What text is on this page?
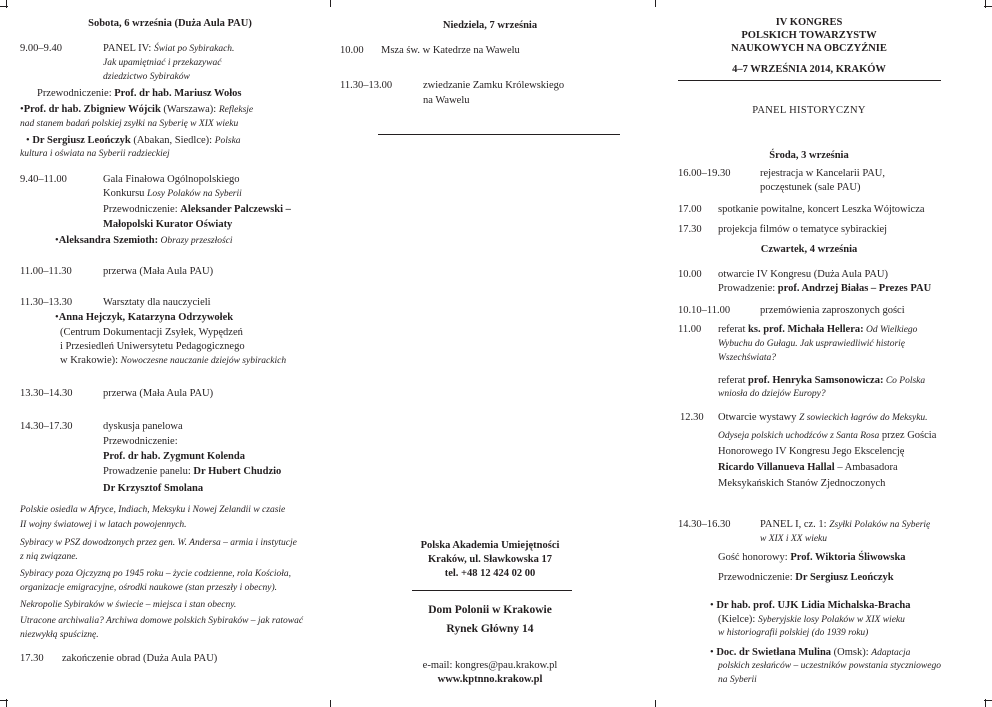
Sobota, 6 września (Duża Aula PAU)
9.00–9.40	PANEL IV: Świat po Sybirakach.
Jak upamiętniać i przekazywać
dziedzictwo Sybiraków
Przewodniczenie: Prof. dr hab. Mariusz Wołos
•Prof. dr hab. Zbigniew Wójcik (Warszawa): Refleksje
nad stanem badań polskiej zsyłki na Syberię w XIX wieku
• Dr Sergiusz Leończyk (Abakan, Siedlce): Polska
kultura i oświata na Syberii radzieckiej
9.40–11.00	Gala Finałowa Ogólnopolskiego
Konkursu Losy Polaków na Syberii
Przewodniczenie: Aleksander Palczewski –
Małopolski Kurator Oświaty
•Aleksandra Szemioth: Obrazy przeszłości
11.00–11.30	przerwa (Mała Aula PAU)
11.30–13.30	Warsztaty dla nauczycieli
•Anna Hejczyk, Katarzyna Odrzywołek
(Centrum Dokumentacji Zsyłek, Wypędzeń
i Przesiedleń Uniwersytetu Pedagogicznego
w Krakowie): Nowoczesne nauczanie dziejów sybirackich
13.30–14.30	przerwa (Mała Aula PAU)
14.30–17.30	dyskusja panelowa
Przewodniczenie:
Prof. dr hab. Zygmunt Kolenda
Prowadzenie panelu: Dr Hubert Chudzio
Dr Krzysztof Smolana
Polskie osiedla w Afryce, Indiach, Meksyku i Nowej Zelandii w czasie
II wojny światowej i w latach powojennych.
Sybiracy w PSZ dowodzonych przez gen. W. Andersa – armia i instytucje
z nią związane.
Sybiracy poza Ojczyzną po 1945 roku – życie codzienne, rola Kościoła,
organizacje emigracyjne, ośrodki naukowe (stan przeszły i obecny).
Nekropolie Sybiraków w świecie – miejsca i stan obecny.
Utracone archiwalia? Archiwa domowe polskich Sybiraków – jak ratować
niezwykłą spuściznę.
17.30 zakończenie obrad (Duża Aula PAU)
Niedziela, 7 września
10.00 Msza św. w Katedrze na Wawelu
11.30–13.00	zwiedzanie Zamku Królewskiego
na Wawelu
Polska Akademia Umiejętności
Kraków, ul. Sławkowska 17
tel. +48 12 424 02 00
Dom Polonii w Krakowie
Rynek Główny 14
e-mail: kongres@pau.krakow.pl
www.kptnno.krakow.pl
IV KONGRES
POLSKICH TOWARZYSTW
NAUKOWYCH NA OBCZYŹNIE
4–7 WRZEŚNIA 2014, KRAKÓW
PANEL HISTORYCZNY
Środa, 3 września
16.00–19.30	rejestracja w Kancelarii PAU,
poczęstunek (sale PAU)
17.00 spotkanie powitalne, koncert Leszka Wójtowicza
17.30 projekcja filmów o tematyce sybirackiej
Czwartek, 4 września
10.00 otwarcie IV Kongresu (Duża Aula PAU)
Prowadzenie: prof. Andrzej Białas – Prezes PAU
10.10–11.00	przemówienia zaproszonych gości
11.00 referat ks. prof. Michała Hellera: Od Wielkiego
Wybuchu do Gułagu. Jak usprawiedliwić historię
Wszechświata?
referat prof. Henryka Samsonowicza: Co Polska
wniosła do dziejów Europy?
12.30 Otwarcie wystawy Z sowieckich łagrów do Meksyku.
Odyseja polskich uchodźców z Santa Rosa przez Gościa
Honorowego IV Kongresu Jego Ekscelencję
Ricardo Villanueva Hallal – Ambasadora
Meksykańskich Stanów Zjednoczonych
14.30–16.30	PANEL I, cz. 1: Zsyłki Polaków na Syberię
w XIX i XX wieku
Gość honorowy: Prof. Wiktoria Śliwowska
Przewodniczenie: Dr Sergiusz Leończyk
• Dr hab. prof. UJK Lidia Michalska-Bracha
(Kielce): Syberyjskie losy Polaków w XIX wieku
w historiografii polskiej (do 1939 roku)
• Doc. dr Swietłana Mulina (Omsk): Adaptacja
polskich zesłańców – uczestników powstania styczniowego
na Syberii
